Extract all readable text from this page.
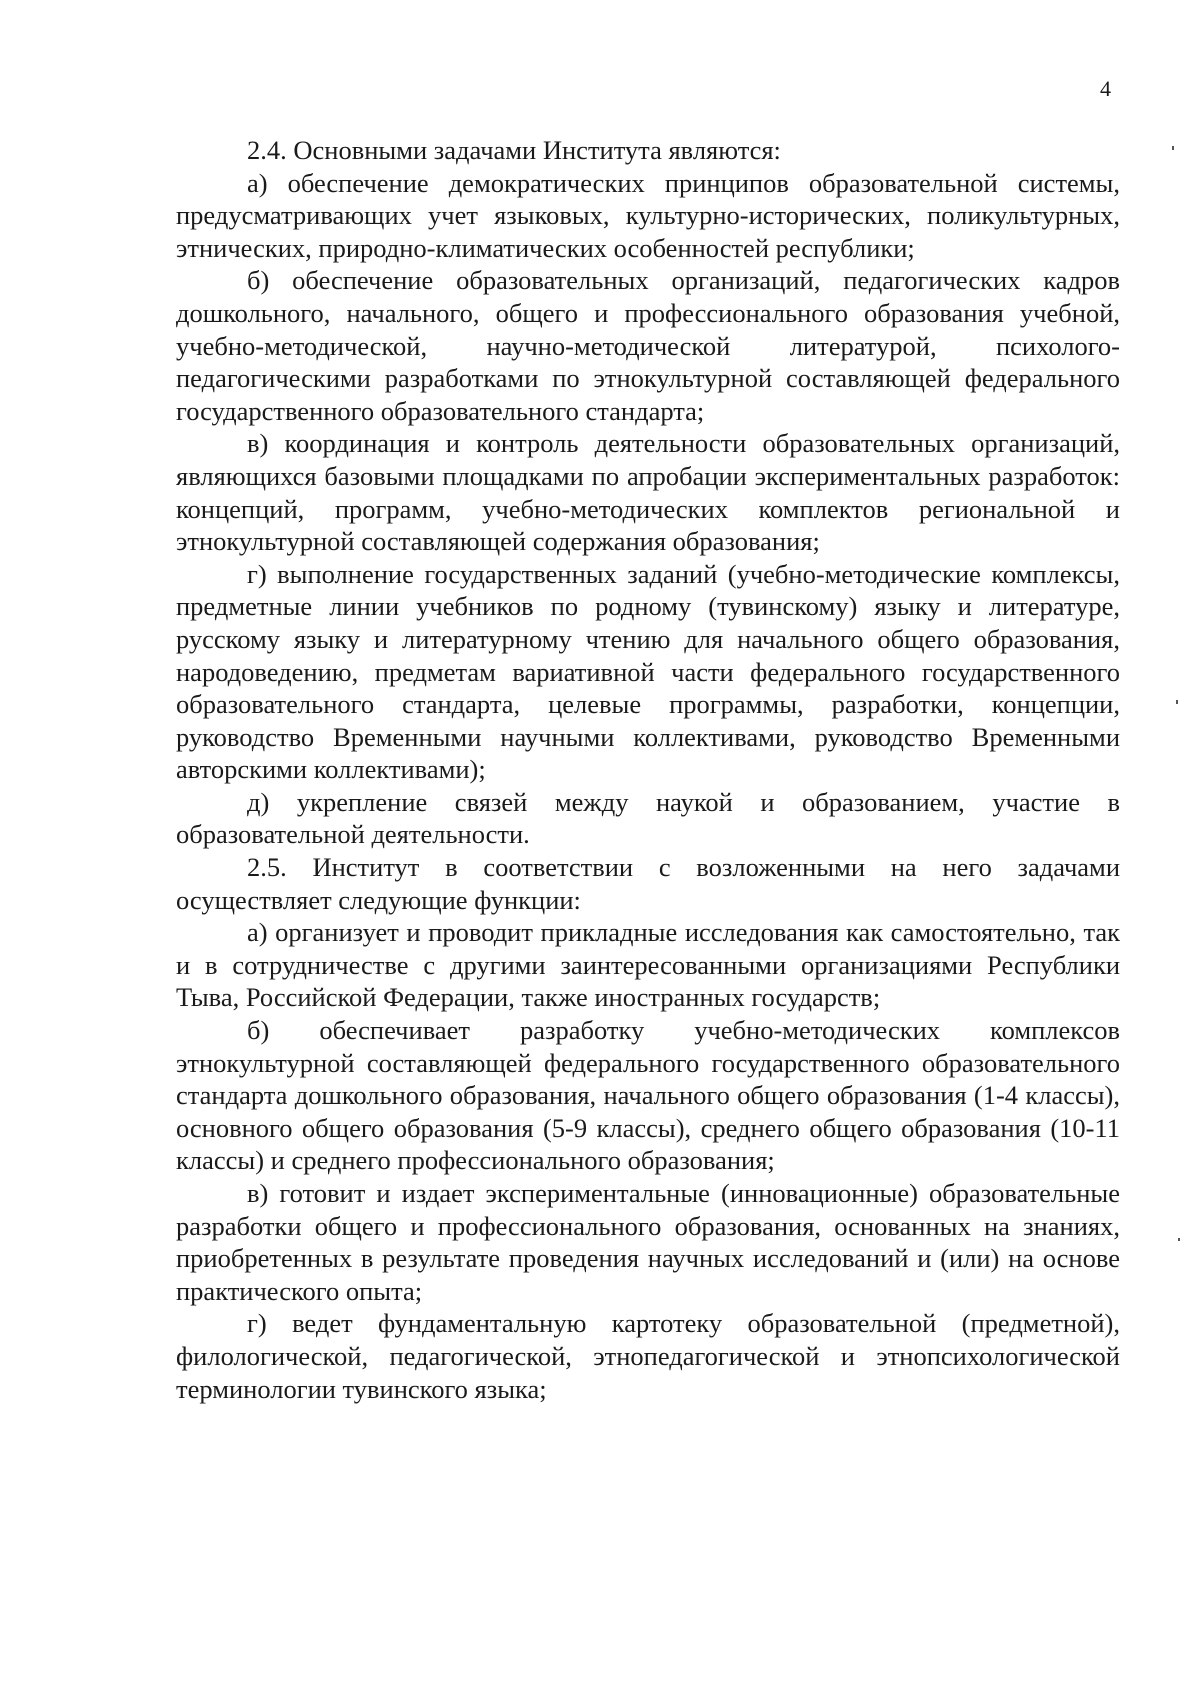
4

2.4. Основными задачами Института являются:

а) обеспечение демократических принципов образовательной системы, предусматривающих учет языковых, культурно-исторических, поликультурных, этнических, природно-климатических особенностей республики;

б) обеспечение образовательных организаций, педагогических кадров дошкольного, начального, общего и профессионального образования учебной, учебно-методической, научно-методической литературой, психолого-педагогическими разработками по этнокультурной составляющей федерального государственного образовательного стандарта;

в) координация и контроль деятельности образовательных организаций, являющихся базовыми площадками по апробации экспериментальных разработок: концепций, программ, учебно-методических комплектов региональной и этнокультурной составляющей содержания образования;

г) выполнение государственных заданий (учебно-методические комплексы, предметные линии учебников по родному (тувинскому) языку и литературе, русскому языку и литературному чтению для начального общего образования, народоведению, предметам вариативной части федерального государственного образовательного стандарта, целевые программы, разработки, концепции, руководство Временными научными коллективами, руководство Временными авторскими коллективами);

д) укрепление связей между наукой и образованием, участие в образовательной деятельности.

2.5. Институт в соответствии с возложенными на него задачами осуществляет следующие функции:

а) организует и проводит прикладные исследования как самостоятельно, так и в сотрудничестве с другими заинтересованными организациями Республики Тыва, Российской Федерации, также иностранных государств;

б) обеспечивает разработку учебно-методических комплексов этнокультурной составляющей федерального государственного образовательного стандарта дошкольного образования, начального общего образования (1-4 классы), основного общего образования (5-9 классы), среднего общего образования (10-11 классы) и среднего профессионального образования;

в) готовит и издает экспериментальные (инновационные) образовательные разработки общего и профессионального образования, основанных на знаниях, приобретенных в результате проведения научных исследований и (или) на основе практического опыта;

г) ведет фундаментальную картотеку образовательной (предметной), филологической, педагогической, этнопедагогической и этнопсихологической терминологии тувинского языка;
